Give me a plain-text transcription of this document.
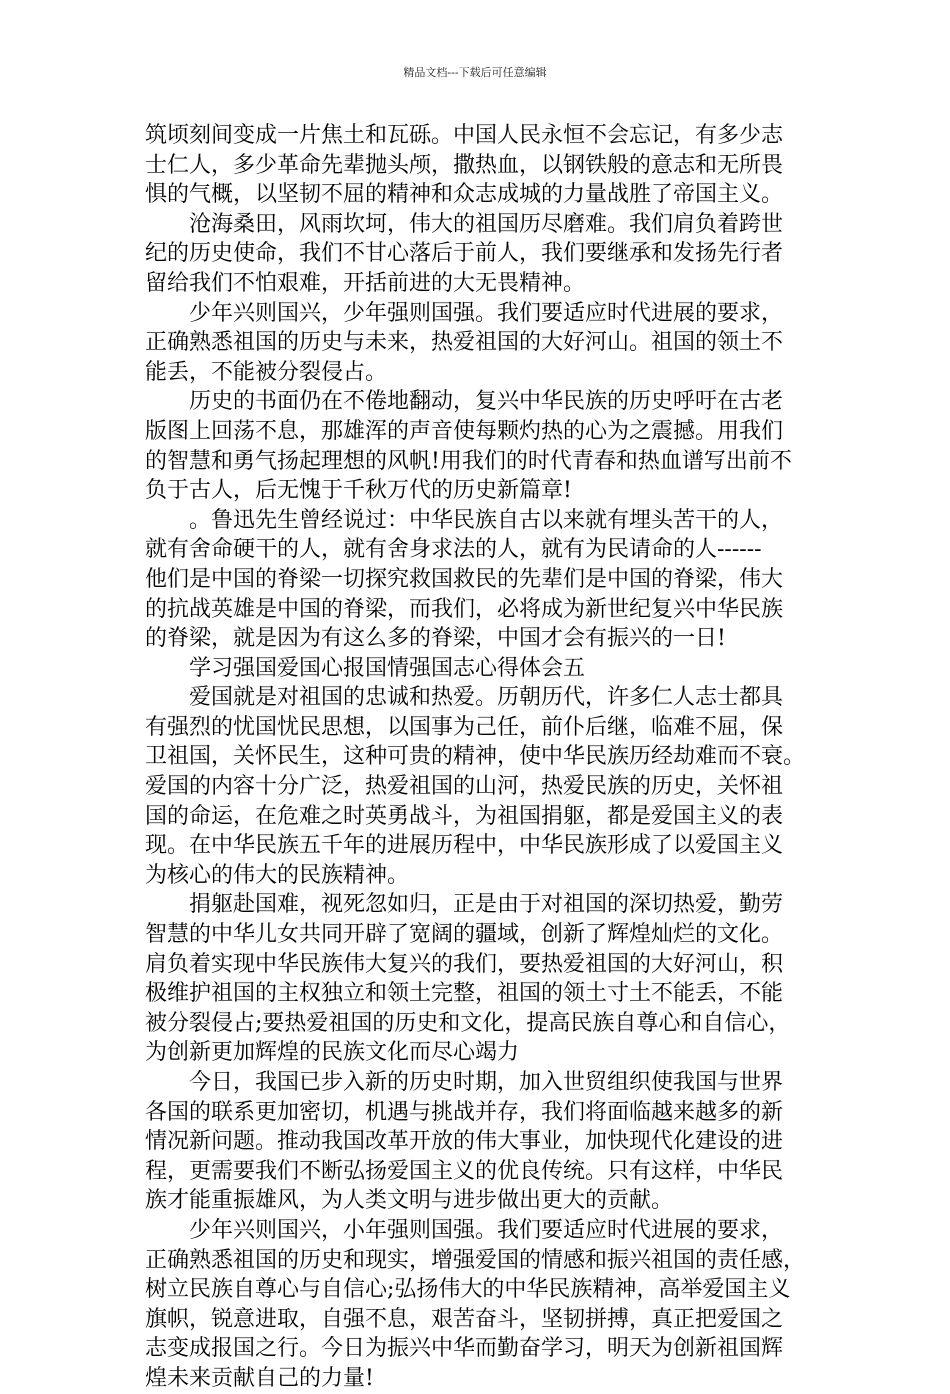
精品文档---下载后可任意编辑
筑顷刻间变成一片焦土和瓦砾。中国人民永恒不会忘记，有多少志
士仁人，多少革命先辈抛头颅，撒热血，以钢铁般的意志和无所畏
惧的气概，以坚韧不屈的精神和众志成城的力量战胜了帝国主义。
　　沧海桑田，风雨坎坷，伟大的祖国历尽磨难。我们肩负着跨世
纪的历史使命，我们不甘心落后于前人，我们要继承和发扬先行者
留给我们不怕艰难，开括前进的大无畏精神。
　　少年兴则国兴，少年强则国强。我们要适应时代进展的要求，
正确熟悉祖国的历史与未来，热爱祖国的大好河山。祖国的领土不
能丢，不能被分裂侵占。
　　历史的书面仍在不倦地翻动，复兴中华民族的历史呼吁在古老
版图上回荡不息，那雄浑的声音使每颗灼热的心为之震撼。用我们
的智慧和勇气扬起理想的风帆!用我们的时代青春和热血谱写出前不
负于古人，后无愧于千秋万代的历史新篇章!
　　。鲁迅先生曾经说过：中华民族自古以来就有埋头苦干的人，
就有舍命硬干的人，就有舍身求法的人，就有为民请命的人------
他们是中国的脊梁一切探究救国救民的先辈们是中国的脊梁，伟大
的抗战英雄是中国的脊梁，而我们，必将成为新世纪复兴中华民族
的脊梁，就是因为有这么多的脊梁，中国才会有振兴的一日!
　　学习强国爱国心报国情强国志心得体会五
　　爱国就是对祖国的忠诚和热爱。历朝历代，许多仁人志士都具
有强烈的忧国忧民思想，以国事为己任，前仆后继，临难不屈，保
卫祖国，关怀民生，这种可贵的精神，使中华民族历经劫难而不衰。
爱国的内容十分广泛，热爱祖国的山河，热爱民族的历史，关怀祖
国的命运，在危难之时英勇战斗，为祖国捐躯，都是爱国主义的表
现。在中华民族五千年的进展历程中，中华民族形成了以爱国主义
为核心的伟大的民族精神。
　　捐躯赴国难，视死忽如归，正是由于对祖国的深切热爱，勤劳
智慧的中华儿女共同开辟了宽阔的疆域，创新了辉煌灿烂的文化。
肩负着实现中华民族伟大复兴的我们，要热爱祖国的大好河山，积
极维护祖国的主权独立和领土完整，祖国的领土寸土不能丢，不能
被分裂侵占;要热爱祖国的历史和文化，提高民族自尊心和自信心，
为创新更加辉煌的民族文化而尽心竭力
　　今日，我国已步入新的历史时期，加入世贸组织使我国与世界
各国的联系更加密切，机遇与挑战并存，我们将面临越来越多的新
情况新问题。推动我国改革开放的伟大事业，加快现代化建设的进
程，更需要我们不断弘扬爱国主义的优良传统。只有这样，中华民
族才能重振雄风，为人类文明与进步做出更大的贡献。
　　少年兴则国兴，小年强则国强。我们要适应时代进展的要求，
正确熟悉祖国的历史和现实，增强爱国的情感和振兴祖国的责任感，
树立民族自尊心与自信心;弘扬伟大的中华民族精神，高举爱国主义
旗帜，锐意进取，自强不息，艰苦奋斗，坚韧拼搏，真正把爱国之
志变成报国之行。今日为振兴中华而勤奋学习，明天为创新祖国辉
煌未来贡献自己的力量!
